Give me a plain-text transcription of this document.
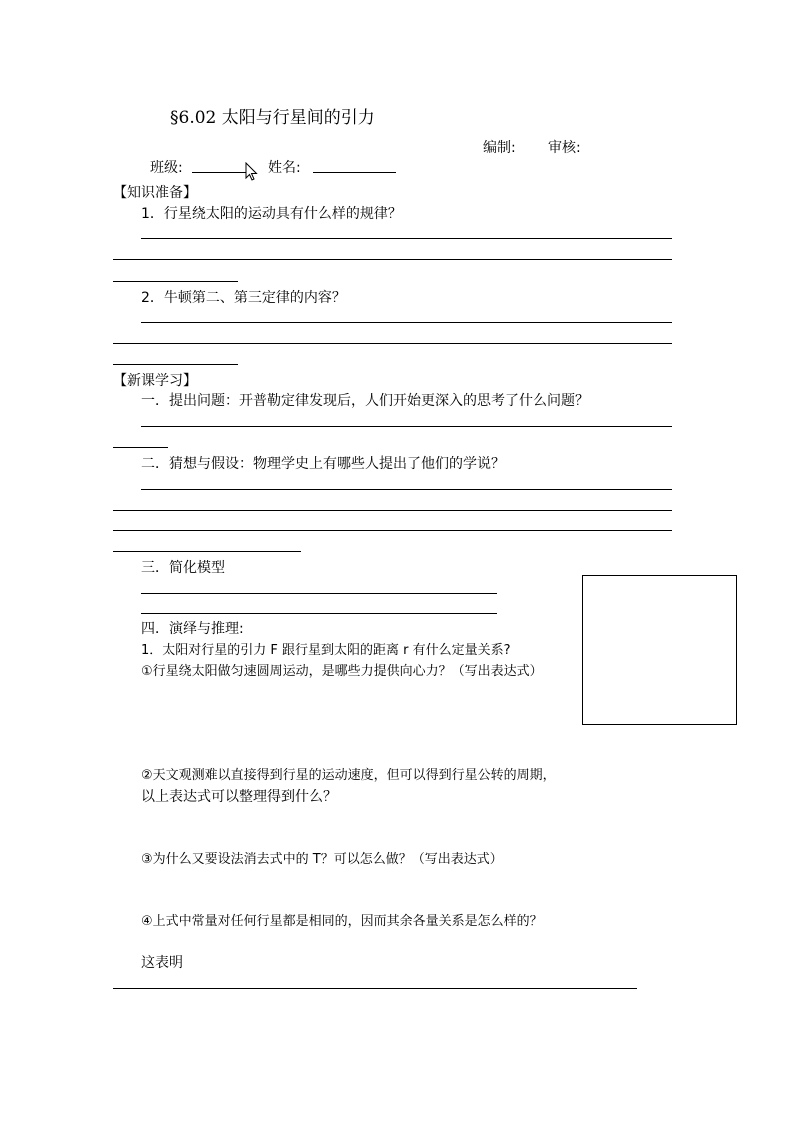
§6.02 太阳与行星间的引力
编制: 审核:
班级:	姓名:
【知识准备】
1．行星绕太阳的运动具有什么样的规律？
2．牛顿第二、第三定律的内容？
【新课学习】
一．提出问题：开普勒定律发现后，人们开始更深入的思考了什么问题？
二．猜想与假设：物理学史上有哪些人提出了他们的学说？
三．简化模型
四．演绎与推理:
1．太阳对行星的引力 F 跟行星到太阳的距离 r 有什么定量关系?
①行星绕太阳做匀速圆周运动，是哪些力提供向心力？（写出表达式）
②天文观测难以直接得到行星的运动速度，但可以得到行星公转的周期，
以上表达式可以整理得到什么？
③为什么又要设法消去式中的 T？可以怎么做？（写出表达式）
④上式中常量对任何行星都是相同的，因而其余各量关系是怎么样的？
这表明
